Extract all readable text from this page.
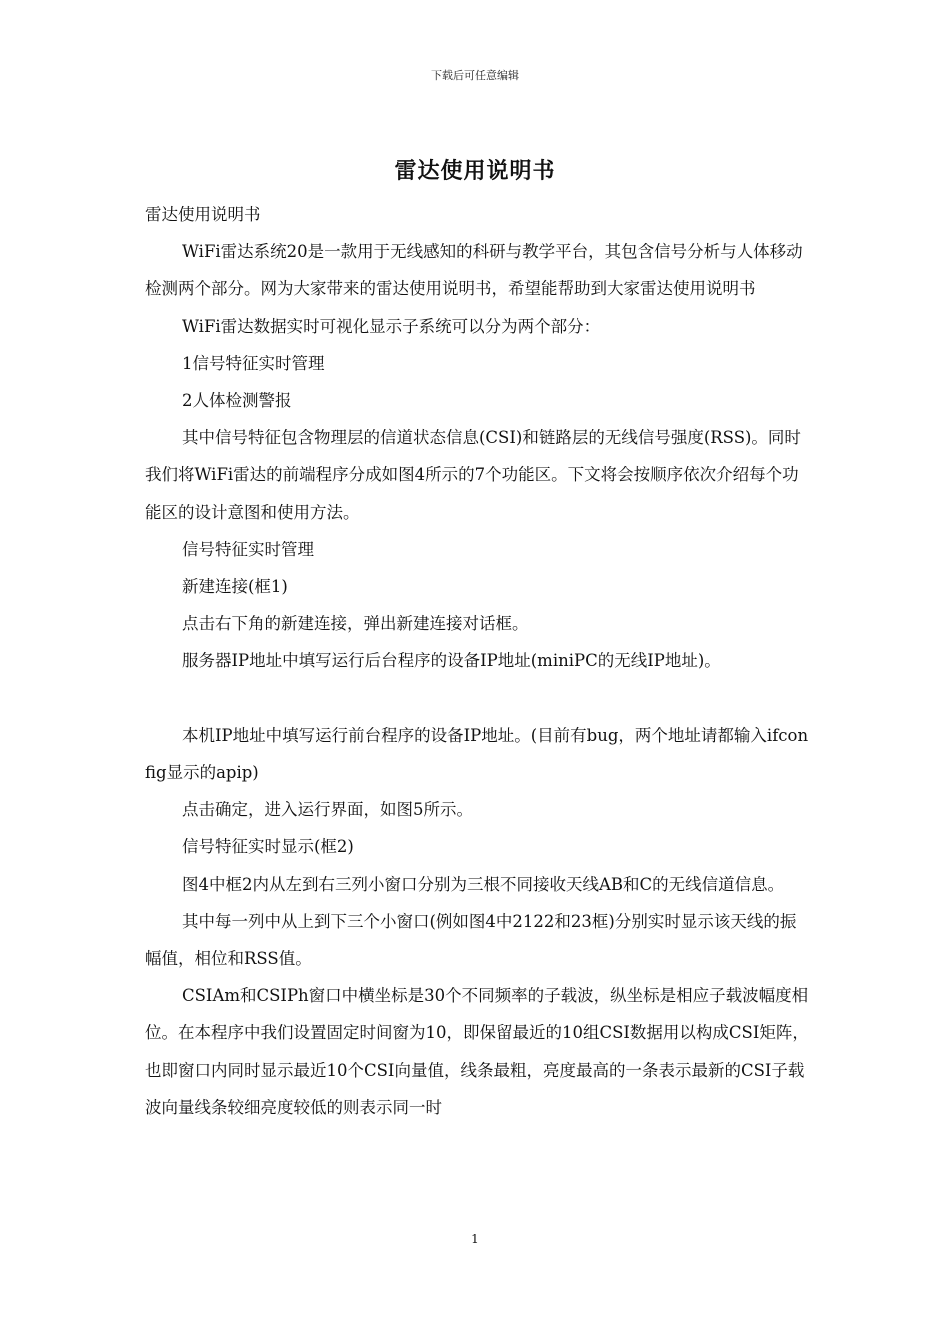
下载后可任意编辑
雷达使用说明书

雷达使用说明书

WiFi雷达系统20是一款用于无线感知的科研与教学平台，其包含信号分析与人体移动检测两个部分。网为大家带来的雷达使用说明书，希望能帮助到大家雷达使用说明书

WiFi雷达数据实时可视化显示子系统可以分为两个部分：

1信号特征实时管理

2人体检测警报

其中信号特征包含物理层的信道状态信息(CSI)和链路层的无线信号强度(RSS)。同时我们将WiFi雷达的前端程序分成如图4所示的7个功能区。下文将会按顺序依次介绍每个功能区的设计意图和使用方法。

信号特征实时管理

新建连接(框1)

点击右下角的新建连接，弹出新建连接对话框。

服务器IP地址中填写运行后台程序的设备IP地址(miniPC的无线IP地址)。

本机IP地址中填写运行前台程序的设备IP地址。(目前有bug，两个地址请都输入ifconfig显示的apip)

点击确定，进入运行界面，如图5所示。

信号特征实时显示(框2)

图4中框2内从左到右三列小窗口分别为三根不同接收天线AB和C的无线信道信息。

其中每一列中从上到下三个小窗口(例如图4中2122和23框)分别实时显示该天线的振幅值，相位和RSS值。

CSIAm和CSIPh窗口中横坐标是30个不同频率的子载波，纵坐标是相应子载波幅度相位。在本程序中我们设置固定时间窗为10，即保留最近的10组CSI数据用以构成CSI矩阵，也即窗口内同时显示最近10个CSI向量值，线条最粗，亮度最高的一条表示最新的CSI子载波向量线条较细亮度较低的则表示同一时

1
